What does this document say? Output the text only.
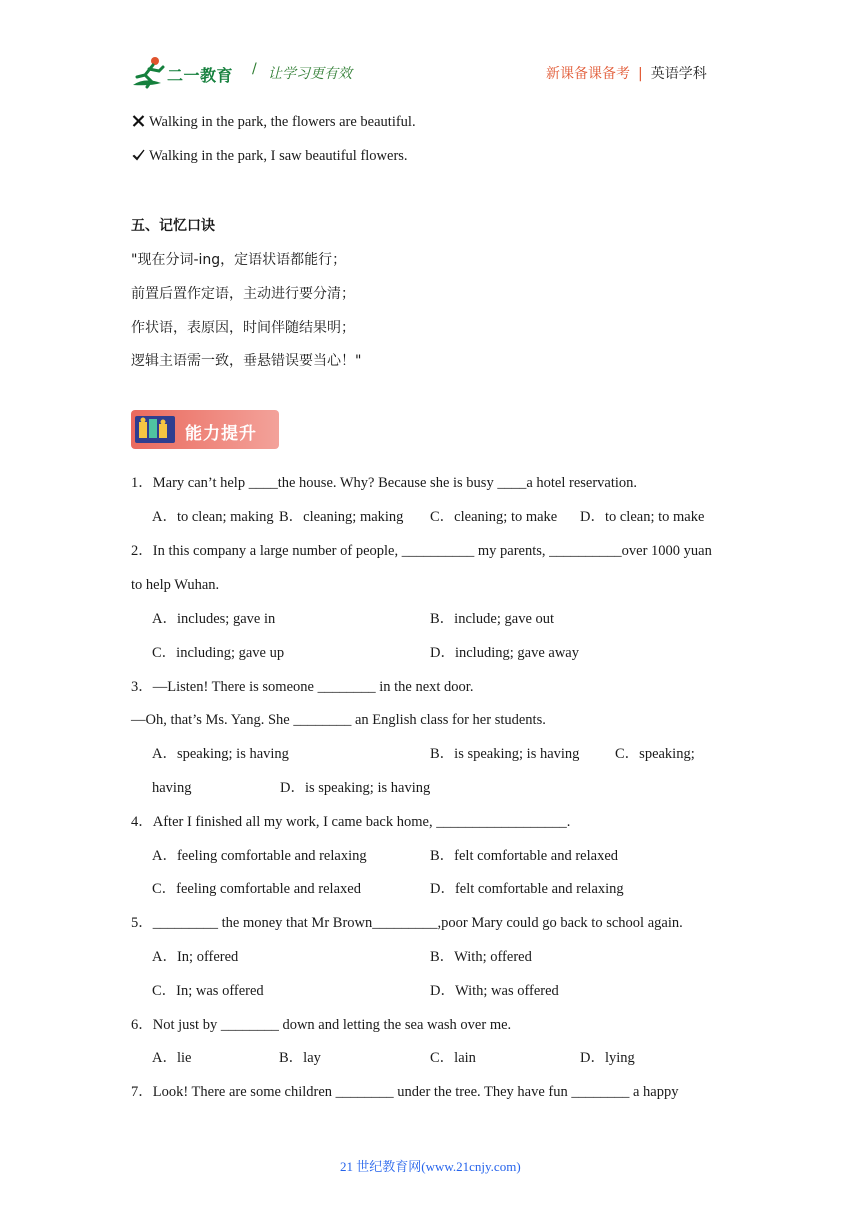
二一教育 / 让学习更有效	新课备课备考 | 英语学科
Walking in the park, the flowers are beautiful.
Walking in the park, I saw beautiful flowers.
五、记忆口诀
"现在分词-ing，定语状语都能行；
前置后置作定语，主动进行要分清；
作状语，表原因，时间伴随结果明；
逻辑主语需一致，垂悬错误要当心！"
能力提升
1．Mary can’t help ____the house. Why? Because she is busy ____a hotel reservation.
A．to clean; making B．cleaning; making C．cleaning; to make D．to clean; to make
2．In this company a large number of people, __________ my parents, __________over 1000 yuan
to help Wuhan.
A．includes; gave in	B．include; gave out
C．including; gave up	D．including; gave away
3．—Listen! There is someone ________ in the next door.
—Oh, that’s Ms. Yang. She ________ an English class for her students.
A．speaking; is having	B．is speaking; is having C．speaking;
having	D．is speaking; is having
4．After I finished all my work, I came back home, __________________.
A．feeling comfortable and relaxing	B．felt comfortable and relaxed
C．feeling comfortable and relaxed	D．felt comfortable and relaxing
5．_________ the money that Mr Brown_________,poor Mary could go back to school again.
A．In; offered	B．With; offered
C．In; was offered	D．With; was offered
6．Not just by ________ down and letting the sea wash over me.
A．lie	B．lay	C．lain	D．lying
7．Look! There are some children ________ under the tree. They have fun ________ a happy
21 世纪教育网(www.21cnjy.com)
